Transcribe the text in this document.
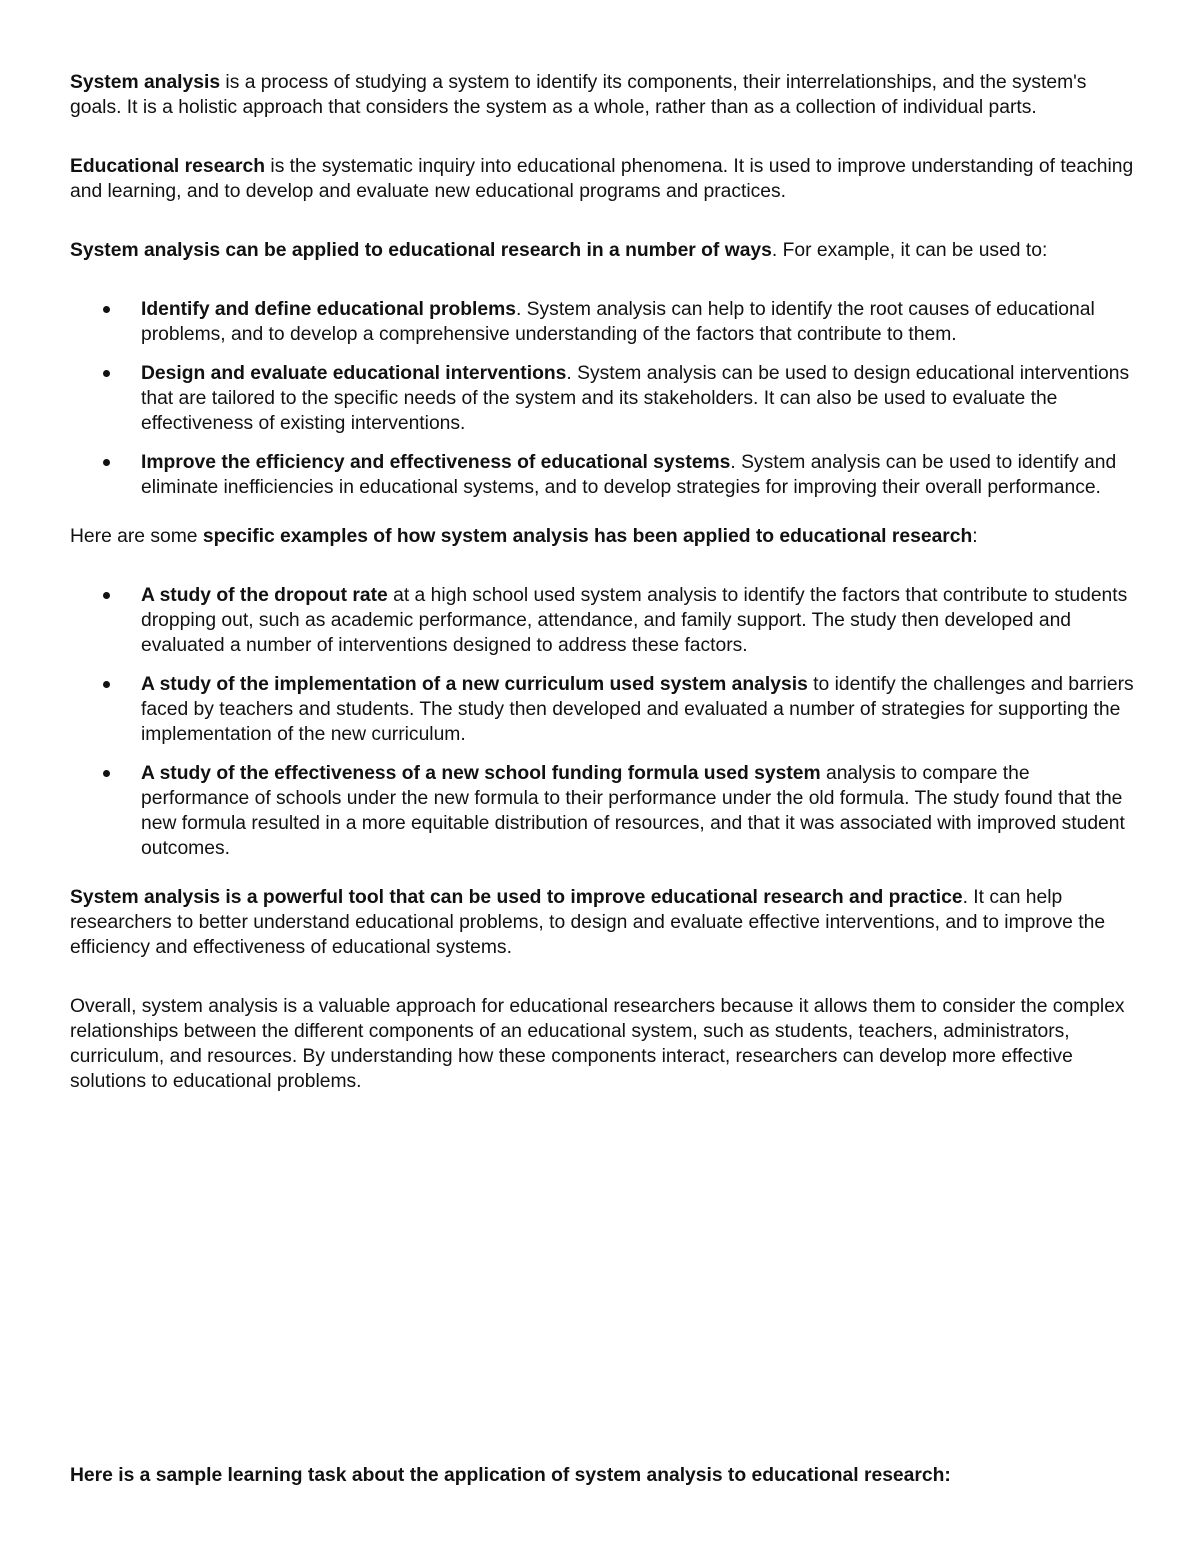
System analysis is a process of studying a system to identify its components, their interrelationships, and the system's goals. It is a holistic approach that considers the system as a whole, rather than as a collection of individual parts.

Educational research is the systematic inquiry into educational phenomena. It is used to improve understanding of teaching and learning, and to develop and evaluate new educational programs and practices.

System analysis can be applied to educational research in a number of ways. For example, it can be used to:

Identify and define educational problems. System analysis can help to identify the root causes of educational problems, and to develop a comprehensive understanding of the factors that contribute to them.
Design and evaluate educational interventions. System analysis can be used to design educational interventions that are tailored to the specific needs of the system and its stakeholders. It can also be used to evaluate the effectiveness of existing interventions.
Improve the efficiency and effectiveness of educational systems. System analysis can be used to identify and eliminate inefficiencies in educational systems, and to develop strategies for improving their overall performance.

Here are some specific examples of how system analysis has been applied to educational research:

A study of the dropout rate at a high school used system analysis to identify the factors that contribute to students dropping out, such as academic performance, attendance, and family support. The study then developed and evaluated a number of interventions designed to address these factors.
A study of the implementation of a new curriculum used system analysis to identify the challenges and barriers faced by teachers and students. The study then developed and evaluated a number of strategies for supporting the implementation of the new curriculum.
A study of the effectiveness of a new school funding formula used system analysis to compare the performance of schools under the new formula to their performance under the old formula. The study found that the new formula resulted in a more equitable distribution of resources, and that it was associated with improved student outcomes.

System analysis is a powerful tool that can be used to improve educational research and practice. It can help researchers to better understand educational problems, to design and evaluate effective interventions, and to improve the efficiency and effectiveness of educational systems.

Overall, system analysis is a valuable approach for educational researchers because it allows them to consider the complex relationships between the different components of an educational system, such as students, teachers, administrators, curriculum, and resources. By understanding how these components interact, researchers can develop more effective solutions to educational problems.

Here is a sample learning task about the application of system analysis to educational research:
